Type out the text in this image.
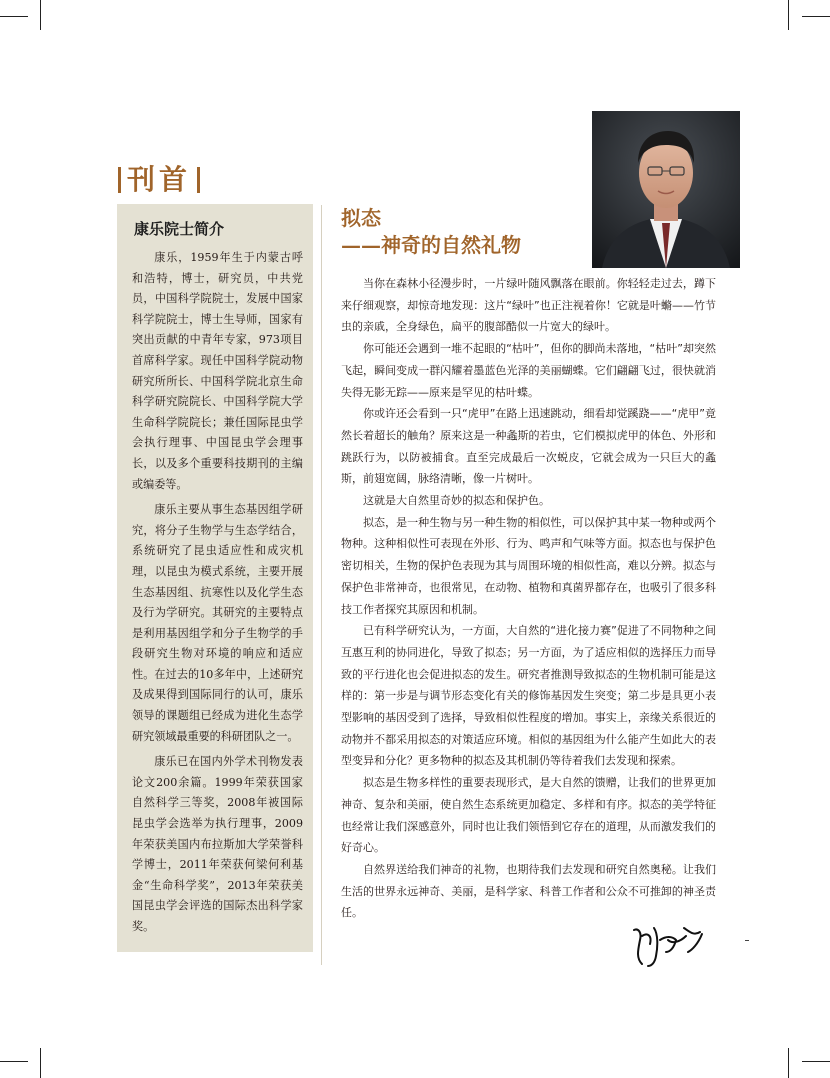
刊首
康乐院士简介

康乐，1959年生于内蒙古呼和浩特，博士，研究员，中共党员，中国科学院院士，发展中国家科学院院士，博士生导师，国家有突出贡献的中青年专家，973项目首席科学家。现任中国科学院动物研究所所长、中国科学院北京生命科学研究院院长、中国科学院大学生命科学院院长；兼任国际昆虫学会执行理事、中国昆虫学会理事长，以及多个重要科技期刊的主编或编委等。

康乐主要从事生态基因组学研究，将分子生物学与生态学结合，系统研究了昆虫适应性和成灾机理，以昆虫为模式系统，主要开展生态基因组、抗寒性以及化学生态及行为学研究。其研究的主要特点是利用基因组学和分子生物学的手段研究生物对环境的响应和适应性。在过去的10多年中，上述研究及成果得到国际同行的认可，康乐领导的课题组已经成为进化生态学研究领域最重要的科研团队之一。

康乐已在国内外学术刊物发表论文200余篇。1999年荣获国家自然科学三等奖，2008年被国际昆虫学会选举为执行理事，2009年荣获美国内布拉斯加大学荣誉科学博士，2011年荣获何梁何利基金“生命科学奖”，2013年荣获美国昆虫学会评选的国际杰出科学家奖。

拟态
——神奇的自然礼物

当你在森林小径漫步时，一片绿叶随风飘落在眼前。你轻轻走过去，蹲下来仔细观察，却惊奇地发现：这片“绿叶”也正注视着你！它就是叶䗛——竹节虫的亲戚，全身绿色，扁平的腹部酷似一片宽大的绿叶。

你可能还会遇到一堆不起眼的“枯叶”，但你的脚尚未落地，“枯叶”却突然飞起，瞬间变成一群闪耀着墨蓝色光泽的美丽蝴蝶。它们翩翩飞过，很快就消失得无影无踪——原来是罕见的枯叶蝶。

你或许还会看到一只“虎甲”在路上迅速跳动，细看却觉蹊跷——“虎甲”竟然长着超长的触角？原来这是一种螽斯的若虫，它们模拟虎甲的体色、外形和跳跃行为，以防被捕食。直至完成最后一次蜕皮，它就会成为一只巨大的螽斯，前翅宽阔，脉络清晰，像一片树叶。

这就是大自然里奇妙的拟态和保护色。

拟态，是一种生物与另一种生物的相似性，可以保护其中某一物种或两个物种。这种相似性可表现在外形、行为、鸣声和气味等方面。拟态也与保护色密切相关，生物的保护色表现为其与周围环境的相似性高，难以分辨。拟态与保护色非常神奇，也很常见，在动物、植物和真菌界都存在，也吸引了很多科技工作者探究其原因和机制。

已有科学研究认为，一方面，大自然的“进化接力赛”促进了不同物种之间互惠互利的协同进化，导致了拟态；另一方面，为了适应相似的选择压力而导致的平行进化也会促进拟态的发生。研究者推测导致拟态的生物机制可能是这样的：第一步是与调节形态变化有关的修饰基因发生突变；第二步是具更小表型影响的基因受到了选择，导致相似性程度的增加。事实上，亲缘关系很近的动物并不都采用拟态的对策适应环境。相似的基因组为什么能产生如此大的表型变异和分化？更多物种的拟态及其机制仍等待着我们去发现和探索。

拟态是生物多样性的重要表现形式，是大自然的馈赠，让我们的世界更加神奇、复杂和美丽，使自然生态系统更加稳定、多样和有序。拟态的美学特征也经常让我们深感意外，同时也让我们领悟到它存在的道理，从而激发我们的好奇心。

自然界送给我们神奇的礼物，也期待我们去发现和研究自然奥秘。让我们生活的世界永远神奇、美丽，是科学家、科普工作者和公众不可推卸的神圣责任。
